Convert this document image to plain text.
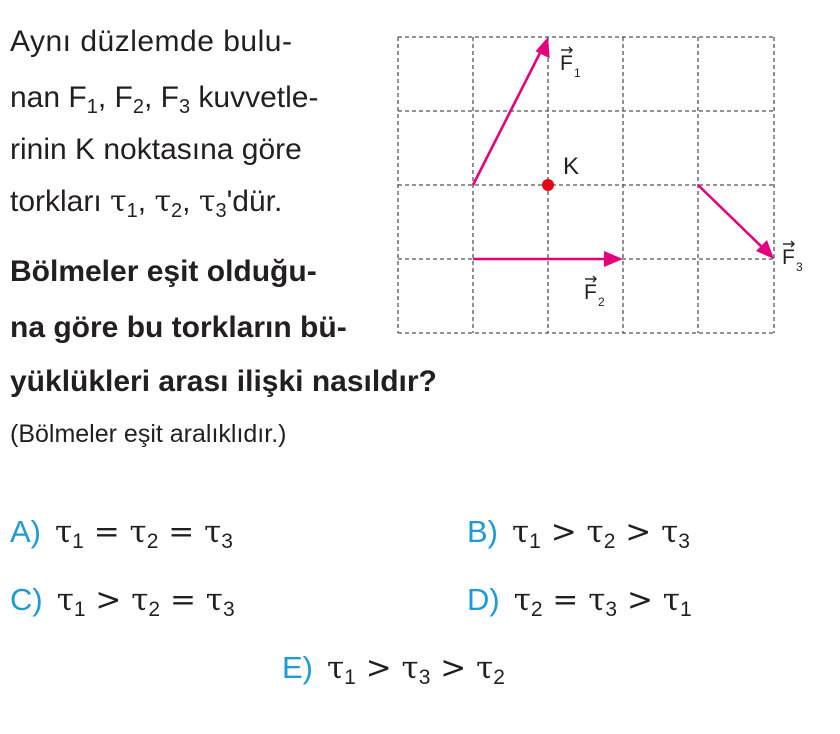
Aynı düzlemde bulu-
nan $F_1$, $F_2$, $F_3$ kuvvetle-
rinin K noktasına göre
torkları $\tau_1$, $\tau_2$, $\tau_3'dür$.
Bölmeler eşit olduğu-
na göre bu torkların bü-
yüklükleri arası ilişki nasıldır?
(Bölmeler eşit aralıklıdır.)
K
F 1
F 2
F 3
A) $\tau_1 = \tau_2 = \tau_3$	B) $\tau_1 > \tau_2 > \tau_3$
C) $\tau_1 > \tau_2 = \tau_3$	D) $\tau_2 = \tau_3 > \tau_1$
E) $\tau_1 > \tau_3 > \tau_2$
